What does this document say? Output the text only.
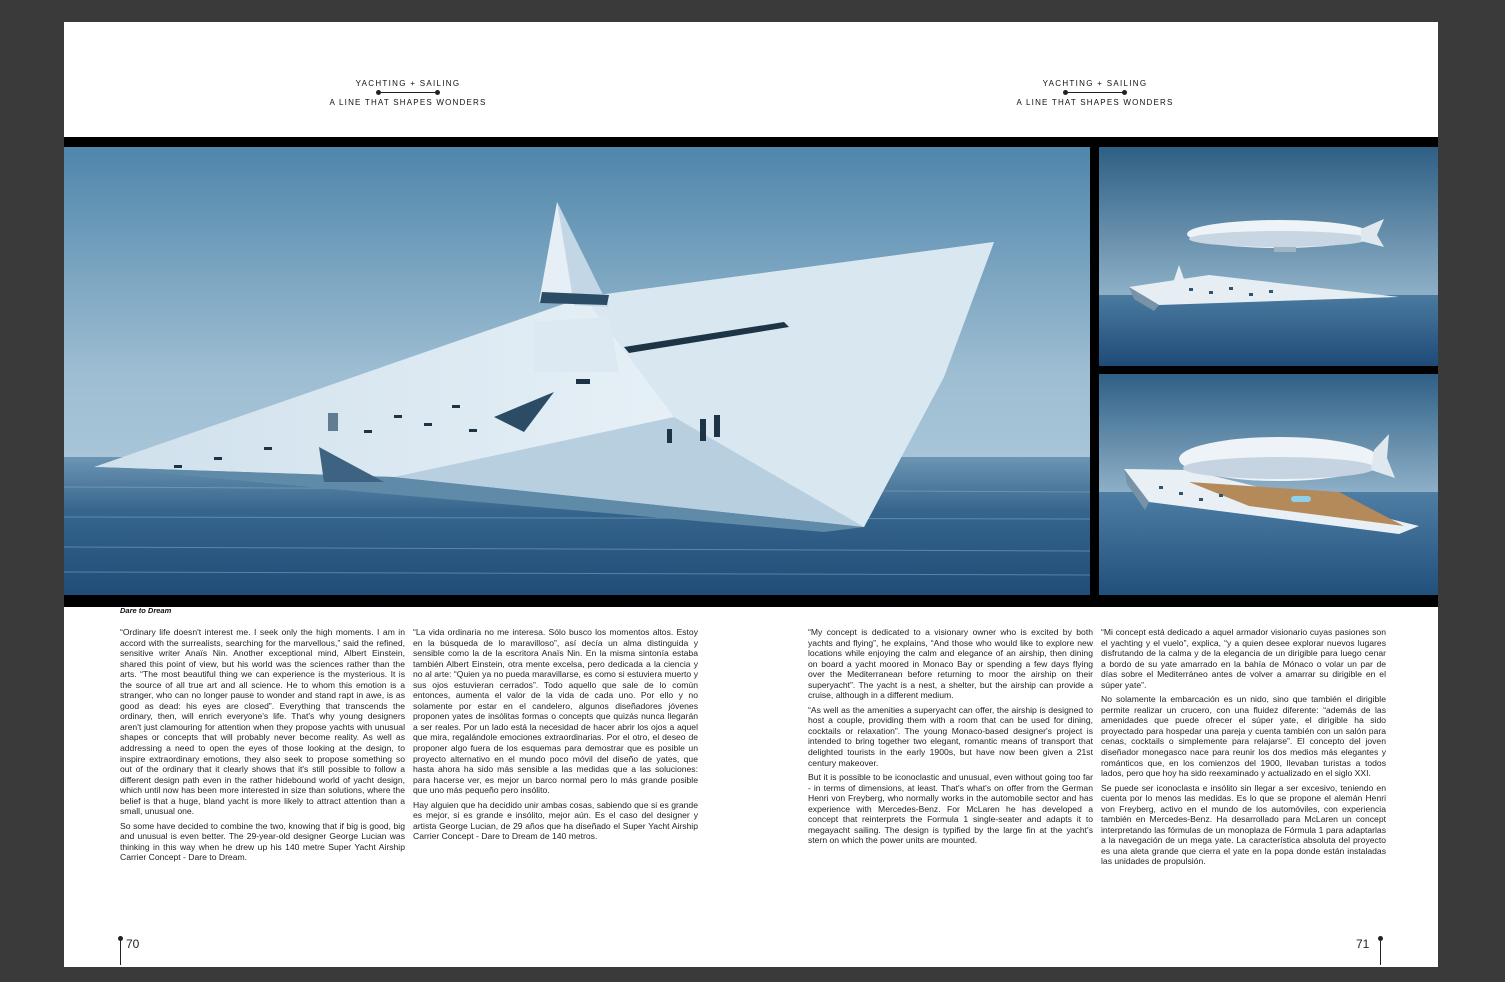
YACHTING + SAILING
A LINE THAT SHAPES WONDERS
YACHTING + SAILING
A LINE THAT SHAPES WONDERS
Dare to Dream

“Ordinary life doesn't interest me. I seek only the high moments. I am in accord with the surrealists, searching for the marvellous,” said the refined, sensitive writer Anaïs Nin. Another exceptional mind, Albert Einstein, shared this point of view, but his world was the sciences rather than the arts. “The most beautiful thing we can experience is the mysterious. It is the source of all true art and all science. He to whom this emotion is a stranger, who can no longer pause to wonder and stand rapt in awe, is as good as dead: his eyes are closed”. Everything that transcends the ordinary, then, will enrich everyone's life. That's why young designers aren't just clamouring for attention when they propose yachts with unusual shapes or concepts that will probably never become reality. As well as addressing a need to open the eyes of those looking at the design, to inspire extraordinary emotions, they also seek to propose something so out of the ordinary that it clearly shows that it's still possible to follow a different design path even in the rather hidebound world of yacht design, which until now has been more interested in size than solutions, where the belief is that a huge, bland yacht is more likely to attract attention than a small, unusual one.

So some have decided to combine the two, knowing that if big is good, big and unusual is even better. The 29-year-old designer George Lucian was thinking in this way when he drew up his 140 metre Super Yacht Airship Carrier Concept - Dare to Dream.

“La vida ordinaria no me interesa. Sólo busco los momentos altos. Estoy en la búsqueda de lo maravilloso”, así decía un alma distinguida y sensible como la de la escritora Anaïs Nin. En la misma sintonía estaba también Albert Einstein, otra mente excelsa, pero dedicada a la ciencia y no al arte: “Quien ya no pueda maravillarse, es como si estuviera muerto y sus ojos estuvieran cerrados”. Todo aquello que sale de lo común entonces, aumenta el valor de la vida de cada uno. Por ello y no solamente por estar en el candelero, algunos diseñadores jóvenes proponen yates de insólitas formas o concepts que quizás nunca llegarán a ser reales. Por un lado está la necesidad de hacer abrir los ojos a aquel que mira, regalándole emociones extraordinarias. Por el otro, el deseo de proponer algo fuera de los esquemas para demostrar que es posible un proyecto alternativo en el mundo poco móvil del diseño de yates, que hasta ahora ha sido más sensible a las medidas que a las soluciones: para hacerse ver, es mejor un barco normal pero lo más grande posible que uno más pequeño pero insólito.

Hay alguien que ha decidido unir ambas cosas, sabiendo que si es grande es mejor, si es grande e insólito, mejor aún. Es el caso del designer y artista George Lucian, de 29 años que ha diseñado el Super Yacht Airship Carrier Concept - Dare to Dream de 140 metros.

“My concept is dedicated to a visionary owner who is excited by both yachts and flying”, he explains, “And those who would like to explore new locations while enjoying the calm and elegance of an airship, then dining on board a yacht moored in Monaco Bay or spending a few days flying over the Mediterranean before returning to moor the airship on their superyacht”. The yacht is a nest, a shelter, but the airship can provide a cruise, although in a different medium.

“As well as the amenities a superyacht can offer, the airship is designed to host a couple, providing them with a room that can be used for dining, cocktails or relaxation”. The young Monaco-based designer's project is intended to bring together two elegant, romantic means of transport that delighted tourists in the early 1900s, but have now been given a 21st century makeover.

But it is possible to be iconoclastic and unusual, even without going too far - in terms of dimensions, at least. That's what's on offer from the German Henri von Freyberg, who normally works in the automobile sector and has experience with Mercedes-Benz. For McLaren he has developed a concept that reinterprets the Formula 1 single-seater and adapts it to megayacht sailing. The design is typified by the large fin at the yacht's stern on which the power units are mounted.

“Mi concept está dedicado a aquel armador visionario cuyas pasiones son el yachting y el vuelo”, explica, “y a quien desee explorar nuevos lugares disfrutando de la calma y de la elegancia de un dirigible para luego cenar a bordo de su yate amarrado en la bahía de Mónaco o volar un par de días sobre el Mediterráneo antes de volver a amarrar su dirigible en el súper yate”.

No solamente la embarcación es un nido, sino que también el dirigible permite realizar un crucero, con una fluidez diferente: “además de las amenidades que puede ofrecer el súper yate, el dirigible ha sido proyectado para hospedar una pareja y cuenta también con un salón para cenas, cocktails o simplemente para relajarse”. El concepto del joven diseñador monegasco nace para reunir los dos medios más elegantes y románticos que, en los comienzos del 1900, llevaban turistas a todos lados, pero que hoy ha sido reexaminado y actualizado en el siglo XXI.

Se puede ser iconoclasta e insólito sin llegar a ser excesivo, teniendo en cuenta por lo menos las medidas. Es lo que se propone el alemán Henri von Freyberg, activo en el mundo de los automóviles, con experiencia también en Mercedes-Benz. Ha desarrollado para McLaren un concept interpretando las fórmulas de un monoplaza de Fórmula 1 para adaptarlas a la navegación de un mega yate. La característica absoluta del proyecto es una aleta grande que cierra el yate en la popa donde están instaladas las unidades de propulsión.

70	71
